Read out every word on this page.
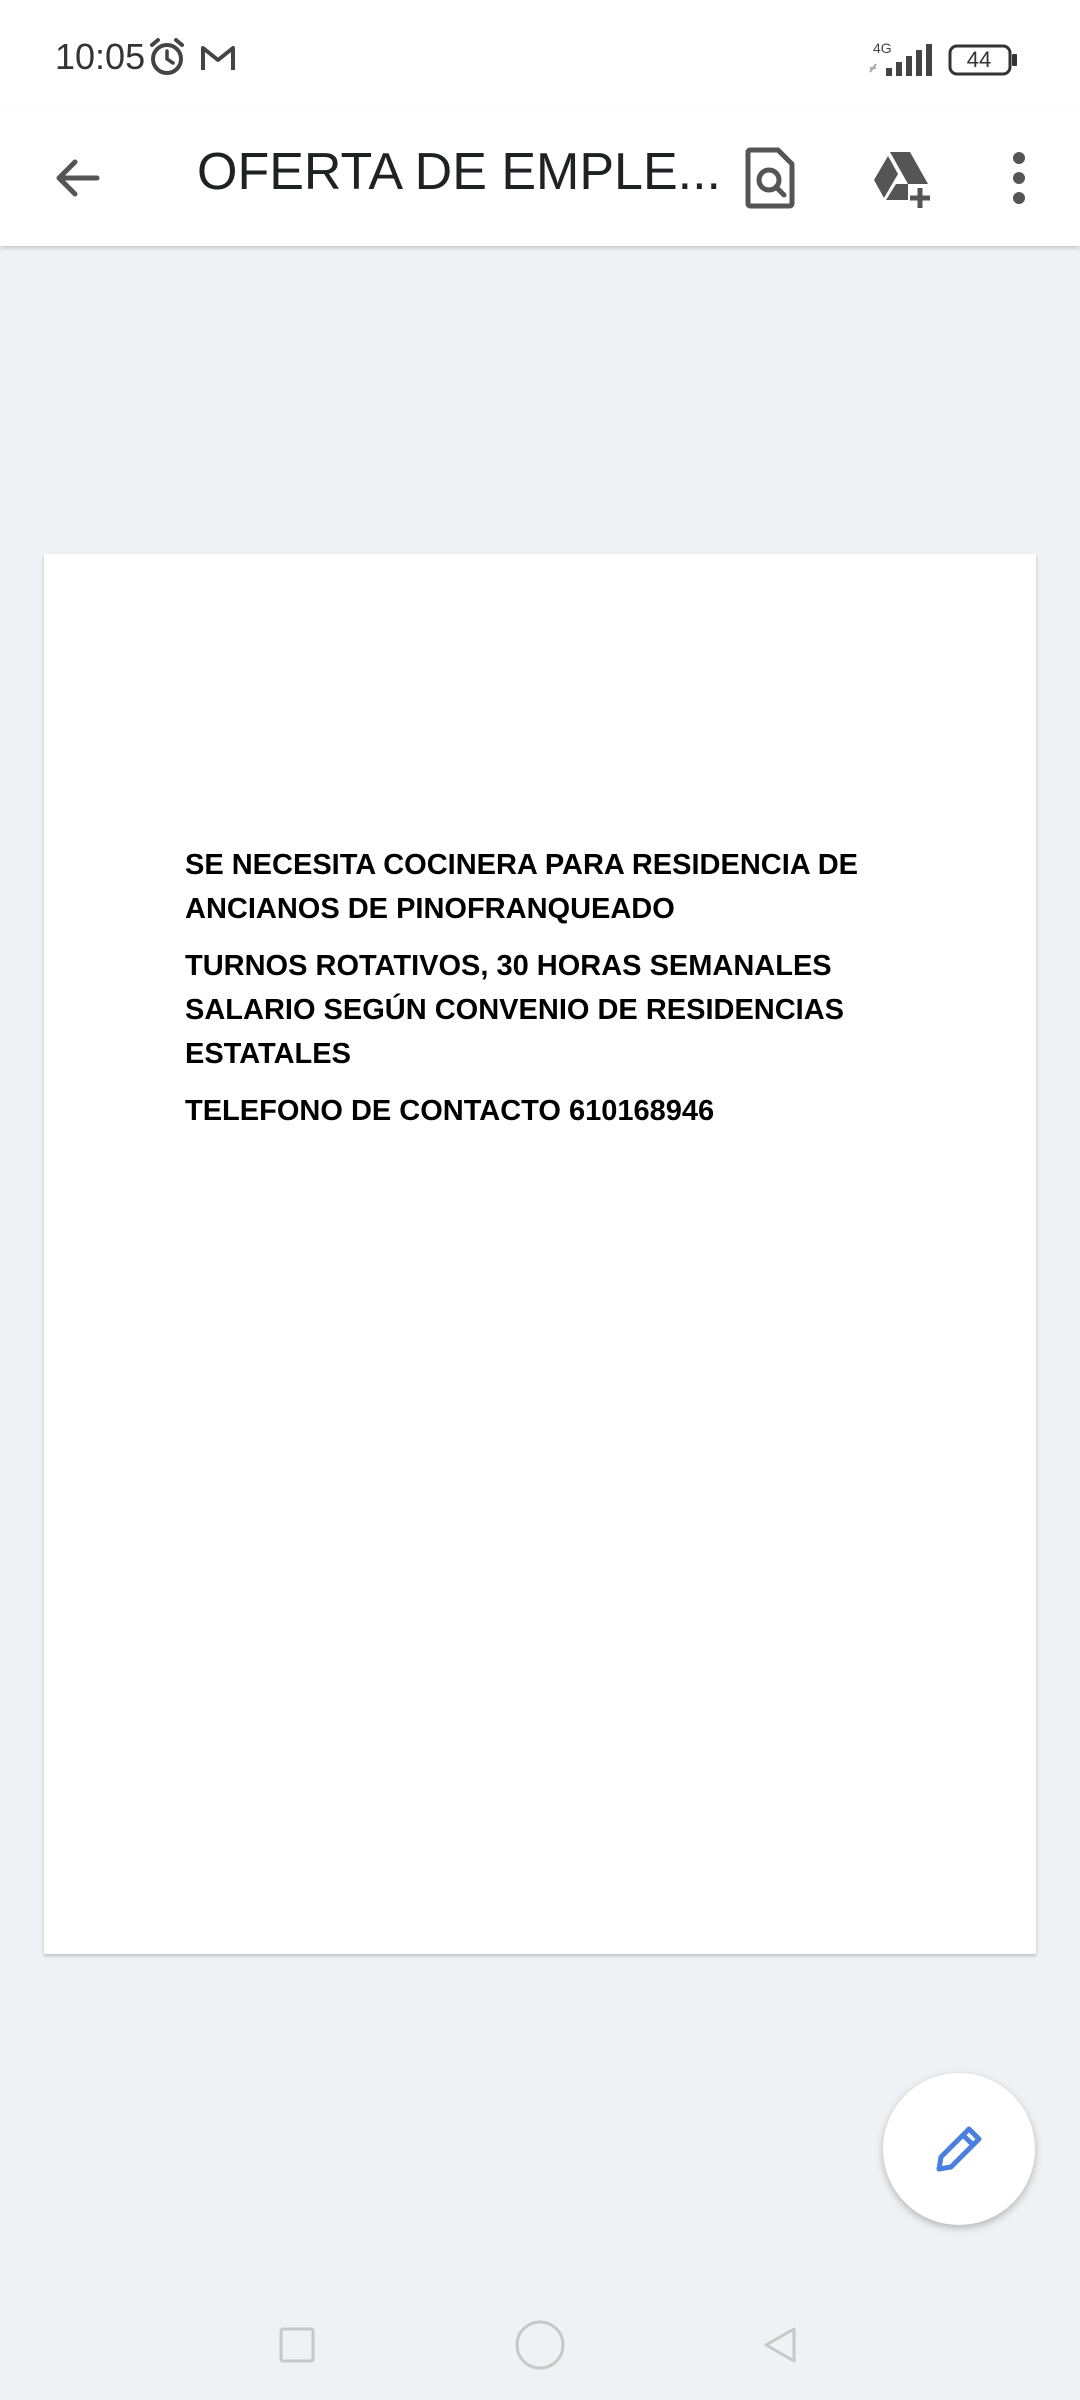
10:05	4G	44
OFERTA DE EMPLE...

SE NECESITA COCINERA PARA RESIDENCIA DE
ANCIANOS DE PINOFRANQUEADO

TURNOS ROTATIVOS, 30 HORAS SEMANALES
SALARIO SEGÚN CONVENIO DE RESIDENCIAS
ESTATALES

TELEFONO DE CONTACTO 610168946
